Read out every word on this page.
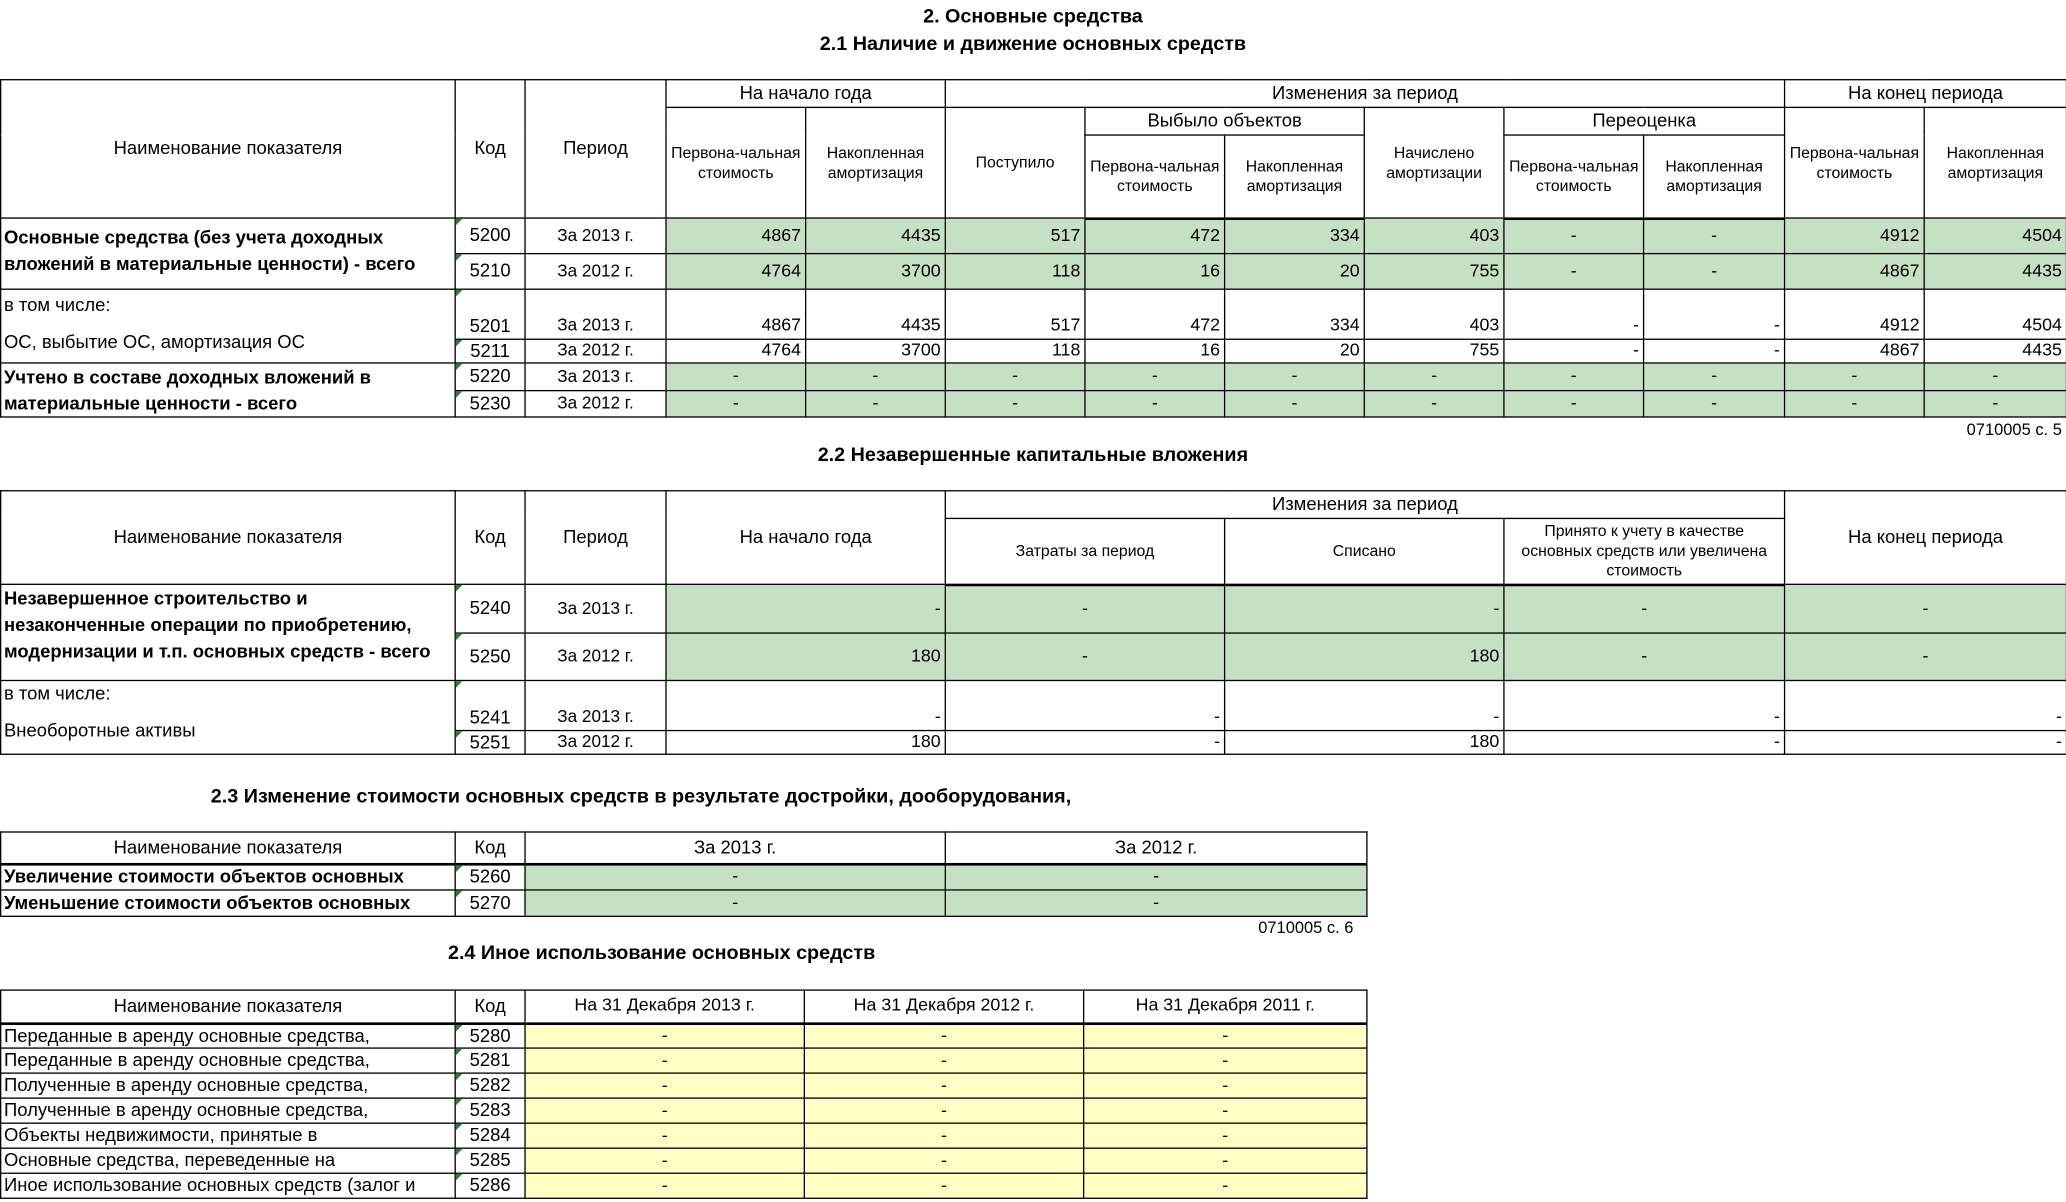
2. Основные средства
2.1 Наличие и движение основных средств
Наименование показателя	Код	Период	На начало года		Изменения за период						На конец периода	
			Первона-чальная стоимость	Накопленная амортизация	Поступило	Выбыло объектов		Начислено амортизации	Переоценка		Первона-чальная стоимость	Накопленная амортизация
						Первона-чальная стоимость	Накопленная амортизация		Первона-чальная стоимость	Накопленная амортизация		
Основные средства (без учета доходных вложений в материальные ценности) - всего	5200	За 2013 г.	4867	4435	517	472	334	403	-	-	4912	4504
	5210	За 2012 г.	4764	3700	118	16	20	755	-	-	4867	4435

в том числе:
ОС, выбытие ОС, амортизация ОС	5201	За 2013 г.	4867	4435	517	472	334	403	-	-	4912	4504
	5211	За 2012 г.	4764	3700	118	16	20	755	-	-	4867	4435
Учтено в составе доходных вложений в материальные ценности - всего	5220	За 2013 г.	-	-	-	-	-	-	-	-	-	-
	5230	За 2012 г.	-	-	-	-	-	-	-	-	-	-
0710005 с. 5
2.2 Незавершенные капитальные вложения
Наименование показателя	Код	Период	На начало года	Изменения за период			На конец периода
				Затраты за период	Списано	Принято к учету в качестве основных средств или увеличена стоимость	
Незавершенное строительство и незаконченные операции по приобретению, модернизации и т.п. основных средств - всего	5240	За 2013 г.	-	-	-	-	-
	5250	За 2012 г.	180	-	180	-	-

в том числе:
Внеоборотные активы	5241	За 2013 г.	-	-	-	-	-
	5251	За 2012 г.	180	-	180	-	-
2.3 Изменение стоимости основных средств в результате достройки, дооборудования,
Наименование показателя	Код	За 2013 г.	За 2012 г.
Увеличение стоимости объектов основных	5260	-	-
Уменьшение стоимости объектов основных	5270	-	-
0710005 с. 6
2.4 Иное использование основных средств
Наименование показателя	Код	На 31 Декабря 2013 г.	На 31 Декабря 2012 г.	На 31 Декабря 2011 г.
Переданные в аренду основные средства,	5280	-	-	-
Переданные в аренду основные средства,	5281	-	-	-
Полученные в аренду основные средства,	5282	-	-	-
Полученные в аренду основные средства,	5283	-	-	-
Объекты недвижимости, принятые в	5284	-	-	-
Основные средства, переведенные на	5285	-	-	-
Иное использование основных средств (залог и	5286	-	-	-
